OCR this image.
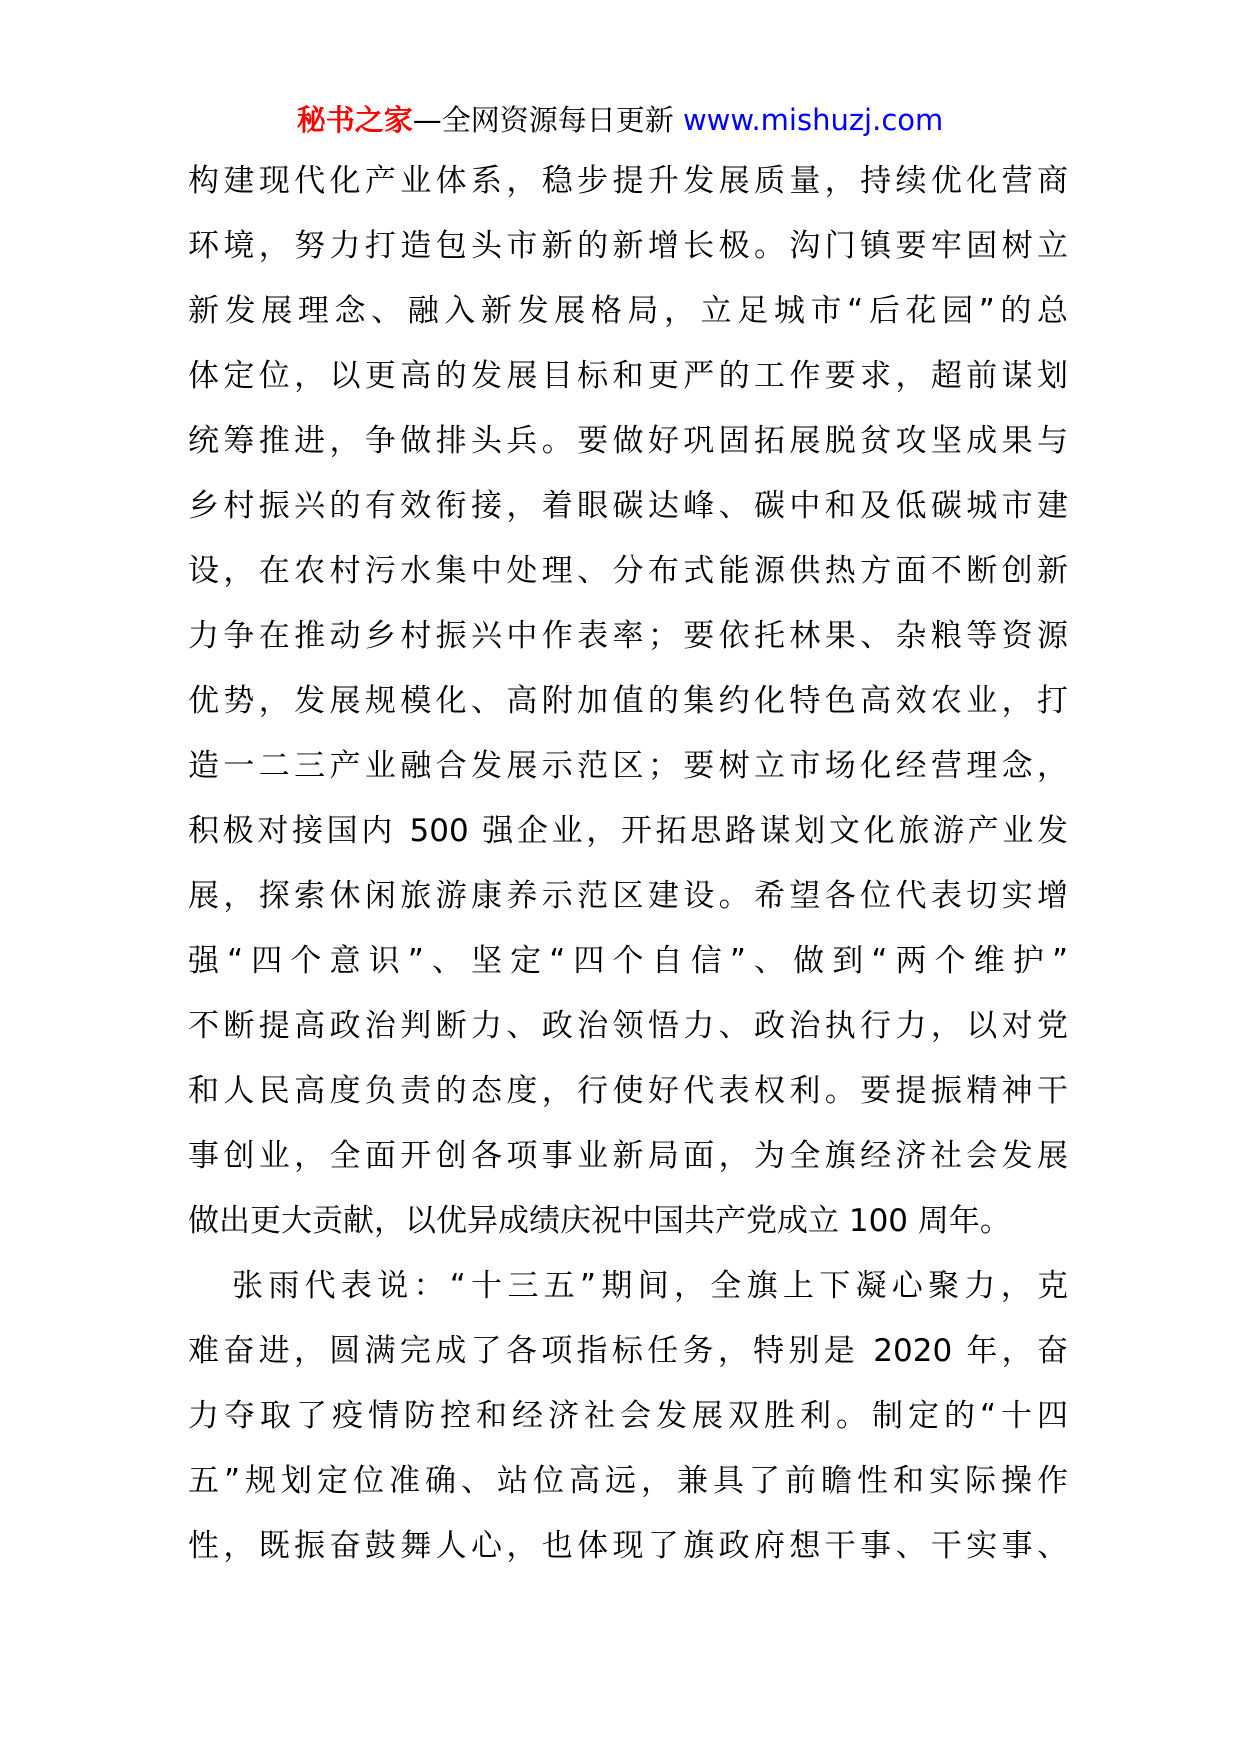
秘书之家—全网资源每日更新 www.mishuzj.com
构建现代化产业体系，稳步提升发展质量，持续优化营商
环境，努力打造包头市新的新增长极。沟门镇要牢固树立
新发展理念、融入新发展格局，立足城市“后花园”的总
体定位，以更高的发展目标和更严的工作要求，超前谋划
统筹推进，争做排头兵。要做好巩固拓展脱贫攻坚成果与
乡村振兴的有效衔接，着眼碳达峰、碳中和及低碳城市建
设，在农村污水集中处理、分布式能源供热方面不断创新
力争在推动乡村振兴中作表率；要依托林果、杂粮等资源
优势，发展规模化、高附加值的集约化特色高效农业，打
造一二三产业融合发展示范区；要树立市场化经营理念，
积极对接国内 500 强企业，开拓思路谋划文化旅游产业发
展，探索休闲旅游康养示范区建设。希望各位代表切实增
强“四个意识”、坚定“四个自信”、做到“两个维护”
不断提高政治判断力、政治领悟力、政治执行力，以对党
和人民高度负责的态度，行使好代表权利。要提振精神干
事创业，全面开创各项事业新局面，为全旗经济社会发展
做出更大贡献，以优异成绩庆祝中国共产党成立 100 周年。
张雨代表说：“十三五”期间，全旗上下凝心聚力，克
难奋进，圆满完成了各项指标任务，特别是 2020 年，奋
力夺取了疫情防控和经济社会发展双胜利。制定的“十四
五”规划定位准确、站位高远，兼具了前瞻性和实际操作
性，既振奋鼓舞人心，也体现了旗政府想干事、干实事、
